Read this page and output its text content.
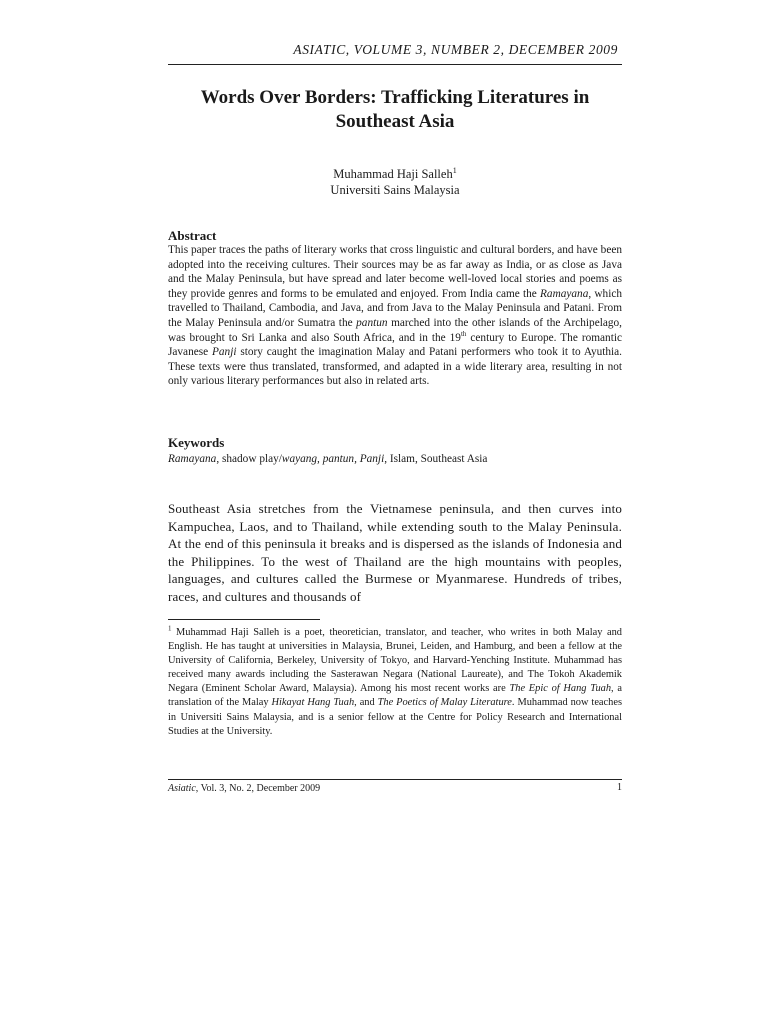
ASIATIC, VOLUME 3, NUMBER 2, DECEMBER 2009
Words Over Borders: Trafficking Literatures in
Southeast Asia
Muhammad Haji Salleh$^1$
Universiti Sains Malaysia
Abstract

This paper traces the paths of literary works that cross linguistic and cultural borders, and have been adopted into the receiving cultures. Their sources may be as far away as India, or as close as Java and the Malay Peninsula, but have spread and later become well-loved local stories and poems as they provide genres and forms to be emulated and enjoyed. From India came the Ramayana, which travelled to Thailand, Cambodia, and Java, and from Java to the Malay Peninsula and Patani. From the Malay Peninsula and/or Sumatra the pantun marched into the other islands of the Archipelago, was brought to Sri Lanka and also South Africa, and in the 19th century to Europe. The romantic Javanese Panji story caught the imagination Malay and Patani performers who took it to Ayuthia. These texts were thus translated, transformed, and adapted in a wide literary area, resulting in not only various literary performances but also in related arts.

Keywords
Ramayana, shadow play/wayang, pantun, Panji, Islam, Southeast Asia

Southeast Asia stretches from the Vietnamese peninsula, and then curves into Kampuchea, Laos, and to Thailand, while extending south to the Malay Peninsula. At the end of this peninsula it breaks and is dispersed as the islands of Indonesia and the Philippines. To the west of Thailand are the high mountains with peoples, languages, and cultures called the Burmese or Myanmarese. Hundreds of tribes, races, and cultures and thousands of

$^1$ Muhammad Haji Salleh is a poet, theoretician, translator, and teacher, who writes in both Malay and English. He has taught at universities in Malaysia, Brunei, Leiden, and Hamburg, and been a fellow at the University of California, Berkeley, University of Tokyo, and Harvard-Yenching Institute. Muhammad has received many awards including the Sasterawan Negara (National Laureate), and The Tokoh Akademik Negara (Eminent Scholar Award, Malaysia). Among his most recent works are The Epic of Hang Tuah, a translation of the Malay Hikayat Hang Tuah, and The Poetics of Malay Literature. Muhammad now teaches in Universiti Sains Malaysia, and is a senior fellow at the Centre for Policy Research and International Studies at the University.

Asiatic, Vol. 3, No. 2, December 2009	1
